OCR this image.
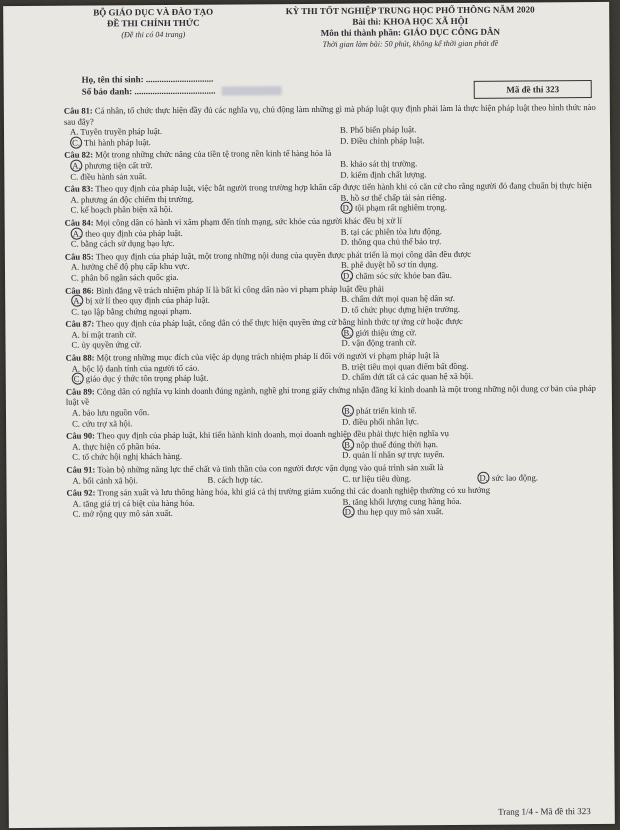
BỘ GIÁO DỤC VÀ ĐÀO TẠO
ĐỀ THI CHÍNH THỨC
(Đề thi có 04 trang)
KỲ THI TỐT NGHIỆP TRUNG HỌC PHỔ THÔNG NĂM 2020
Bài thi: KHOA HỌC XÃ HỘI
Môn thi thành phần: GIÁO DỤC CÔNG DÂN
Thời gian làm bài: 50 phút, không kể thời gian phát đề
Họ, tên thí sinh: ..............................
Số báo danh: ....................................	Mã đề thi 323

Câu 81: Cá nhân, tổ chức thực hiện đầy đủ các nghĩa vụ, chủ động làm những gì mà pháp luật quy định phải làm là thực hiện pháp luật theo hình thức nào sau đây?

A. Tuyên truyền pháp luật.	B. Phổ biến pháp luật.
C. Thi hành pháp luật.	D. Điều chỉnh pháp luật.

Câu 82: Một trong những chức năng của tiền tệ trong nền kinh tế hàng hóa là

A. phương tiện cất trữ.	B. khảo sát thị trường.
C. điều hành sản xuất.	D. kiểm định chất lượng.

Câu 83: Theo quy định của pháp luật, việc bắt người trong trường hợp khẩn cấp được tiến hành khi có căn cứ cho rằng người đó đang chuẩn bị thực hiện

A. phương án độc chiếm thị trường.	B. hồ sơ thế chấp tài sản riêng.
C. kế hoạch phân biện xã hội.	D. tội phạm rất nghiêm trọng.

Câu 84: Mọi công dân có hành vi xâm phạm đến tính mạng, sức khỏe của người khác đều bị xử lí

A. theo quy định của pháp luật.	B. tại các phiên tòa lưu động.
C. bằng cách sử dụng bạo lực.	D. thông qua chủ thể bảo trợ.

Câu 85: Theo quy định của pháp luật, một trong những nội dung của quyền được phát triển là mọi công dân đều được

A. hưởng chế độ phụ cấp khu vực.	B. phê duyệt hồ sơ tín dụng.
C. phân bổ ngân sách quốc gia.	D. chăm sóc sức khỏe ban đầu.

Câu 86: Bình đẳng về trách nhiệm pháp lí là bất kì công dân nào vi phạm pháp luật đều phải

A. bị xử lí theo quy định của pháp luật.	B. chấm dứt mọi quan hệ dân sự.
C. tạo lập bằng chứng ngoại phạm.	D. tổ chức phục dựng hiện trường.

Câu 87: Theo quy định của pháp luật, công dân có thể thực hiện quyền ứng cử bằng hình thức tự ứng cử hoặc được

A. bí mật tranh cử.	B. giới thiệu ứng cử.
C. ủy quyền ứng cử.	D. vận động tranh cử.

Câu 88: Một trong những mục đích của việc áp dụng trách nhiệm pháp lí đối với người vi phạm pháp luật là

A. bộc lộ danh tính của người tố cáo.	B. triệt tiêu mọi quan điểm bất đồng.
C. giáo dục ý thức tôn trọng pháp luật.	D. chấm dứt tất cả các quan hệ xã hội.

Câu 89: Công dân có nghĩa vụ kinh doanh đúng ngành, nghề ghi trong giấy chứng nhận đăng kí kinh doanh là một trong những nội dung cơ bản của pháp luật về

A. bảo lưu nguồn vốn.	B. phát triển kinh tế.
C. cứu trợ xã hội.	D. điều phối nhân lực.

Câu 90: Theo quy định của pháp luật, khi tiến hành kinh doanh, mọi doanh nghiệp đều phải thực hiện nghĩa vụ

A. thực hiện cổ phần hóa.	B. nộp thuế đúng thời hạn.
C. tổ chức hội nghị khách hàng.	D. quản lí nhân sự trực tuyến.

Câu 91: Toàn bộ những năng lực thể chất và tinh thần của con người được vận dụng vào quá trình sản xuất là

A. bối cảnh xã hội.	B. cách hợp tác.	C. tư liệu tiêu dùng.	D. sức lao động.

Câu 92: Trong sản xuất và lưu thông hàng hóa, khi giá cả thị trường giảm xuống thì các doanh nghiệp thường có xu hướng

A. tăng giá trị cá biệt của hàng hóa.	B. tăng khối lượng cung hàng hóa.
C. mở rộng quy mô sản xuất.	D. thu hẹp quy mô sản xuất.
Trang 1/4 - Mã đề thi 323
